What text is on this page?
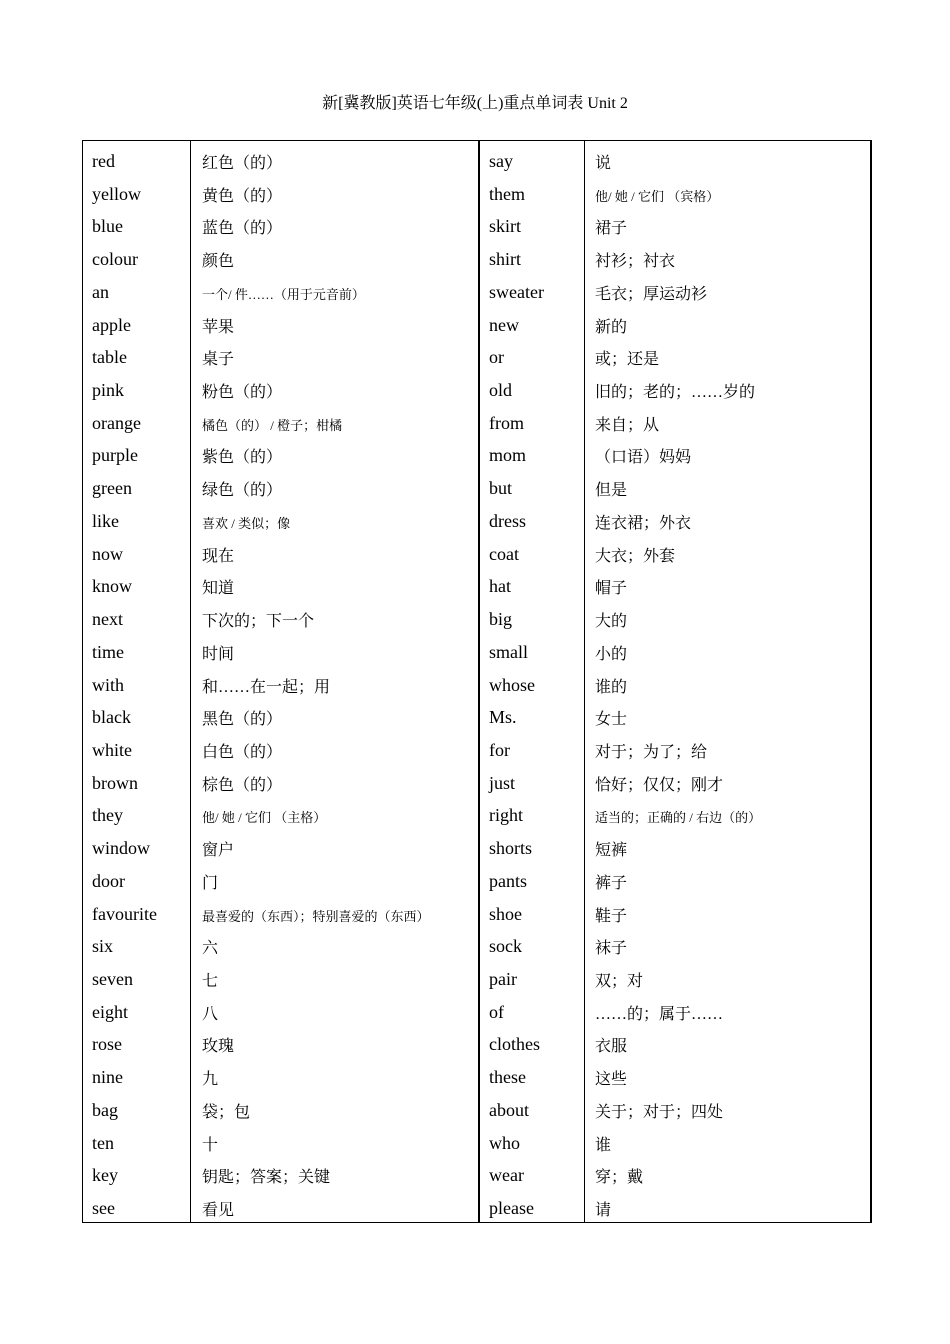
新[冀教版]英语七年级(上)重点单词表 Unit 2
red
yellow
blue
colour
an
apple
table
pink
orange
purple
green
like
now
know
next
time
with
black
white
brown
they
window
door
favourite
six
seven
eight
rose
nine
bag
ten
key
see
红色（的）
黄色（的）
蓝色（的）
颜色
一个/ 件……（用于元音前）
苹果
桌子
粉色（的）
橘色（的） / 橙子；柑橘
紫色（的）
绿色（的）
喜欢 / 类似；像
现在
知道
下次的；下一个
时间
和……在一起；用
黑色（的）
白色（的）
棕色（的）
他/ 她 / 它们 （主格）
窗户
门
最喜爱的（东西）；特别喜爱的（东西）
六
七
八
玫瑰
九
袋；包
十
钥匙；答案；关键
看见
say
them
skirt
shirt
sweater
new
or
old
from
mom
but
dress
coat
hat
big
small
whose
Ms.
for
just
right
shorts
pants
shoe
sock
pair
of
clothes
these
about
who
wear
please
说
他/ 她 / 它们 （宾格）
裙子
衬衫；衬衣
毛衣；厚运动衫
新的
或；还是
旧的；老的；……岁的
来自；从
（口语）妈妈
但是
连衣裙；外衣
大衣；外套
帽子
大的
小的
谁的
女士
对于；为了；给
恰好；仅仅；刚才
适当的；正确的 / 右边（的）
短裤
裤子
鞋子
袜子
双；对
……的；属于……
衣服
这些
关于；对于；四处
谁
穿；戴
请
